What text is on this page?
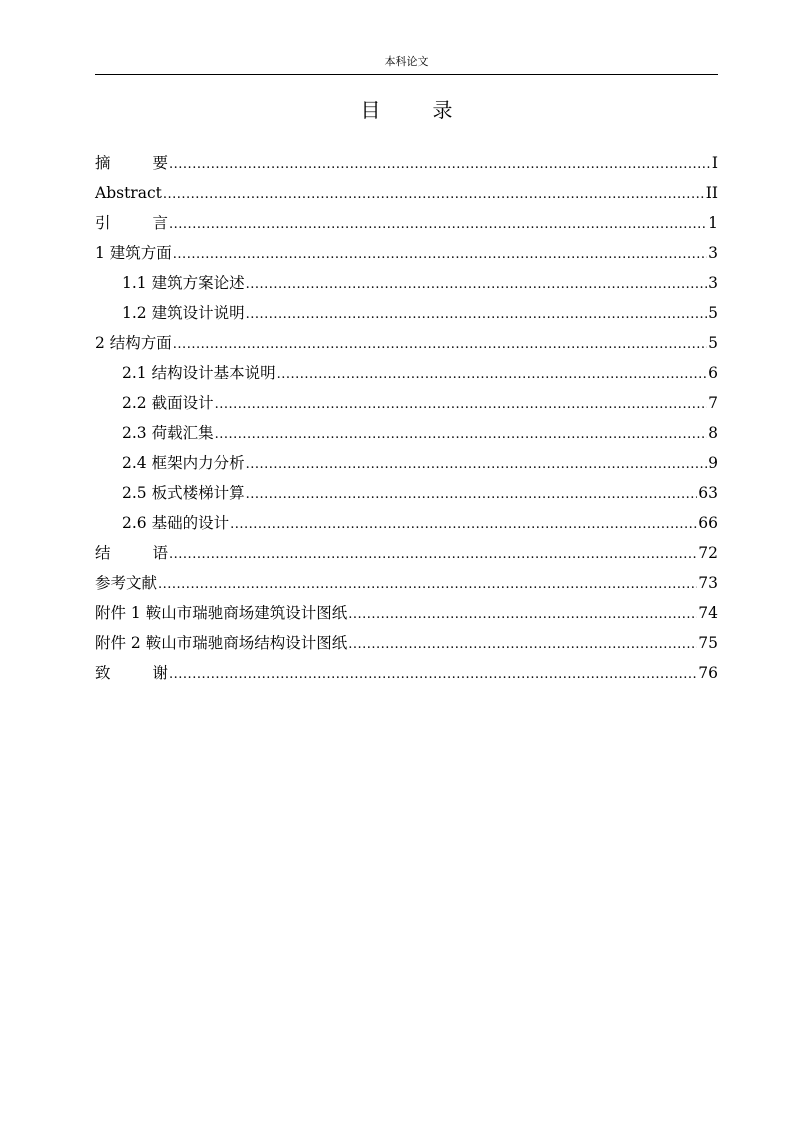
本科论文
目	录
摘	要 .....	I
Abstract .....	II
引	言 .....	1
1 建筑方面 .....	3
1.1 建筑方案论述 .....	3
1.2 建筑设计说明 .....	5
2 结构方面 .....	5
2.1 结构设计基本说明 .....	6
2.2 截面设计 .....	7
2.3 荷载汇集 .....	8
2.4 框架内力分析 .....	9
2.5 板式楼梯计算 .....	63
2.6 基础的设计 .....	66
结	语 .....	72
参考文献 .....	73
附件 1 鞍山市瑞驰商场建筑设计图纸 .....	74
附件 2 鞍山市瑞驰商场结构设计图纸 .....	75
致	谢 .....	76
